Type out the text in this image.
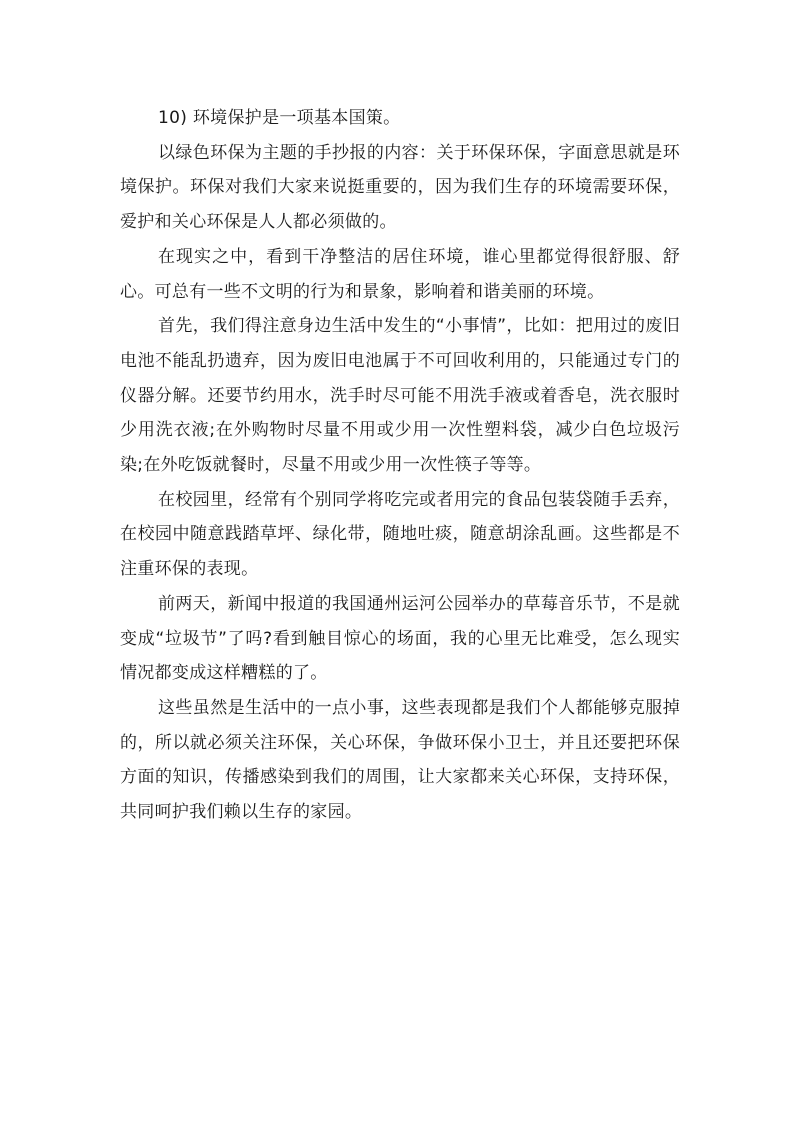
10) 环境保护是一项基本国策。

以绿色环保为主题的手抄报的内容：关于环保环保，字面意思就是环境保护。环保对我们大家来说挺重要的，因为我们生存的环境需要环保，爱护和关心环保是人人都必须做的。

在现实之中，看到干净整洁的居住环境，谁心里都觉得很舒服、舒心。可总有一些不文明的行为和景象，影响着和谐美丽的环境。

首先，我们得注意身边生活中发生的“小事情”，比如：把用过的废旧电池不能乱扔遗弃，因为废旧电池属于不可回收利用的，只能通过专门的仪器分解。还要节约用水，洗手时尽可能不用洗手液或着香皂，洗衣服时少用洗衣液;在外购物时尽量不用或少用一次性塑料袋，减少白色垃圾污染;在外吃饭就餐时，尽量不用或少用一次性筷子等等。

在校园里，经常有个别同学将吃完或者用完的食品包装袋随手丢弃，在校园中随意践踏草坪、绿化带，随地吐痰，随意胡涂乱画。这些都是不注重环保的表现。

前两天，新闻中报道的我国通州运河公园举办的草莓音乐节，不是就变成“垃圾节”了吗?看到触目惊心的场面，我的心里无比难受，怎么现实情况都变成这样糟糕的了。

这些虽然是生活中的一点小事，这些表现都是我们个人都能够克服掉的，所以就必须关注环保，关心环保，争做环保小卫士，并且还要把环保方面的知识，传播感染到我们的周围，让大家都来关心环保，支持环保，共同呵护我们赖以生存的家园。
